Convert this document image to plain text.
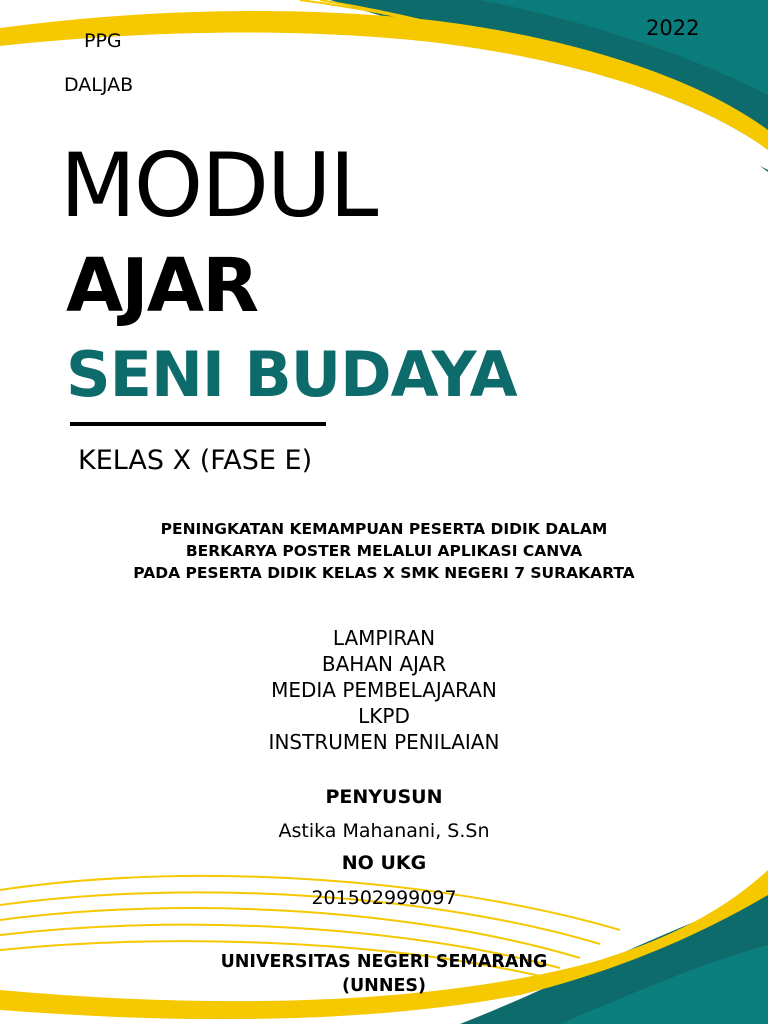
PPG

DALJAB

2022

MODUL
AJAR
SENI BUDAYA

KELAS X (FASE E)

PENINGKATAN KEMAMPUAN PESERTA DIDIK DALAM
BERKARYA POSTER MELALUI APLIKASI CANVA
PADA PESERTA DIDIK KELAS X SMK NEGERI 7 SURAKARTA
LAMPIRAN
BAHAN AJAR
MEDIA PEMBELAJARAN
LKPD
INSTRUMEN PENILAIAN
PENYUSUN
Astika Mahanani, S.Sn
NO UKG
201502999097
UNIVERSITAS NEGERI SEMARANG
(UNNES)
